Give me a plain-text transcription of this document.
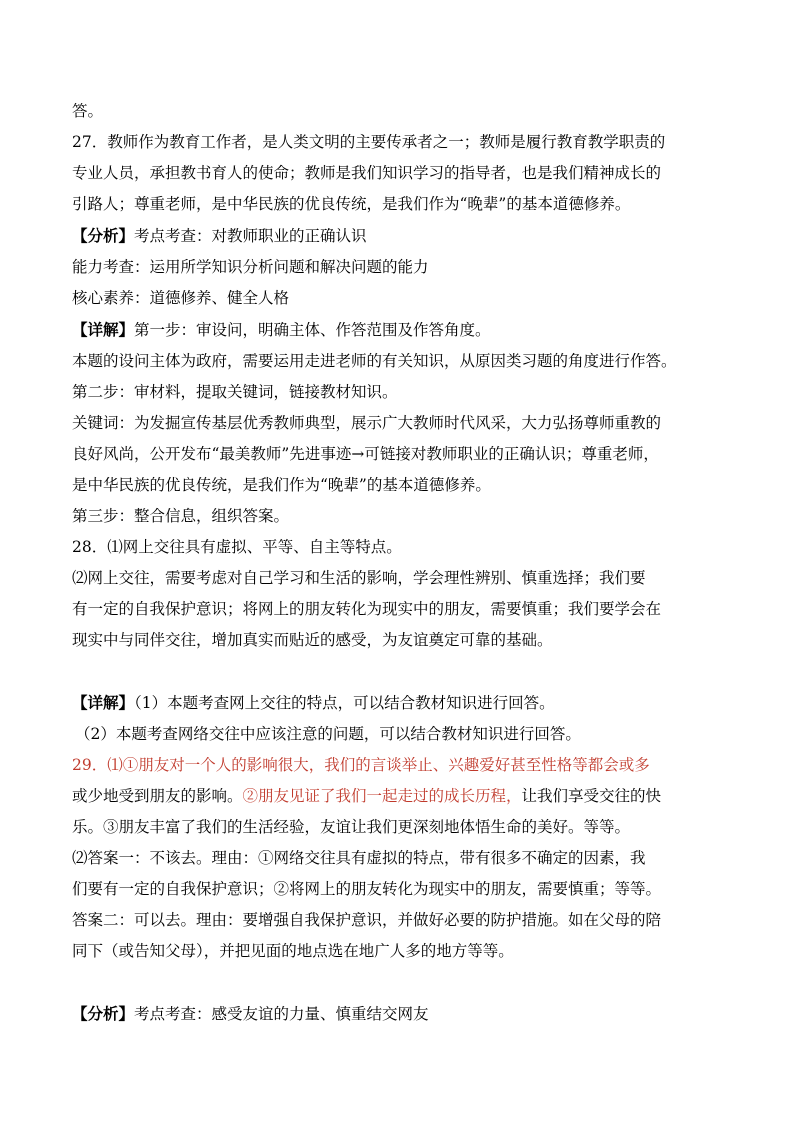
答。
27．教师作为教育工作者，是人类文明的主要传承者之一；教师是履行教育教学职责的
专业人员，承担教书育人的使命；教师是我们知识学习的指导者，也是我们精神成长的
引路人；尊重老师，是中华民族的优良传统，是我们作为“晚辈”的基本道德修养。
【分析】考点考查：对教师职业的正确认识
能力考查：运用所学知识分析问题和解决问题的能力
核心素养：道德修养、健全人格
【详解】第一步：审设问，明确主体、作答范围及作答角度。
本题的设问主体为政府，需要运用走进老师的有关知识，从原因类习题的角度进行作答。
第二步：审材料，提取关键词，链接教材知识。
关键词：为发掘宣传基层优秀教师典型，展示广大教师时代风采，大力弘扬尊师重教的
良好风尚，公开发布“最美教师”先进事迹→可链接对教师职业的正确认识；尊重老师，
是中华民族的优良传统，是我们作为“晚辈”的基本道德修养。
第三步：整合信息，组织答案。
28．⑴网上交往具有虚拟、平等、自主等特点。
⑵网上交往，需要考虑对自己学习和生活的影响，学会理性辨别、慎重选择；我们要
有一定的自我保护意识；将网上的朋友转化为现实中的朋友，需要慎重；我们要学会在
现实中与同伴交往，增加真实而贴近的感受，为友谊奠定可靠的基础。
【详解】（1）本题考查网上交往的特点，可以结合教材知识进行回答。
（2）本题考查网络交往中应该注意的问题，可以结合教材知识进行回答。
29．⑴①朋友对一个人的影响很大，我们的言谈举止、兴趣爱好甚至性格等都会或多
或少地受到朋友的影响。②朋友见证了我们一起走过的成长历程，让我们享受交往的快
乐。③朋友丰富了我们的生活经验，友谊让我们更深刻地体悟生命的美好。等等。
⑵答案一：不该去。理由：①网络交往具有虚拟的特点，带有很多不确定的因素，我
们要有一定的自我保护意识；②将网上的朋友转化为现实中的朋友，需要慎重；等等。
答案二：可以去。理由：要增强自我保护意识，并做好必要的防护措施。如在父母的陪
同下（或告知父母），并把见面的地点选在地广人多的地方等等。
【分析】考点考查：感受友谊的力量、慎重结交网友
